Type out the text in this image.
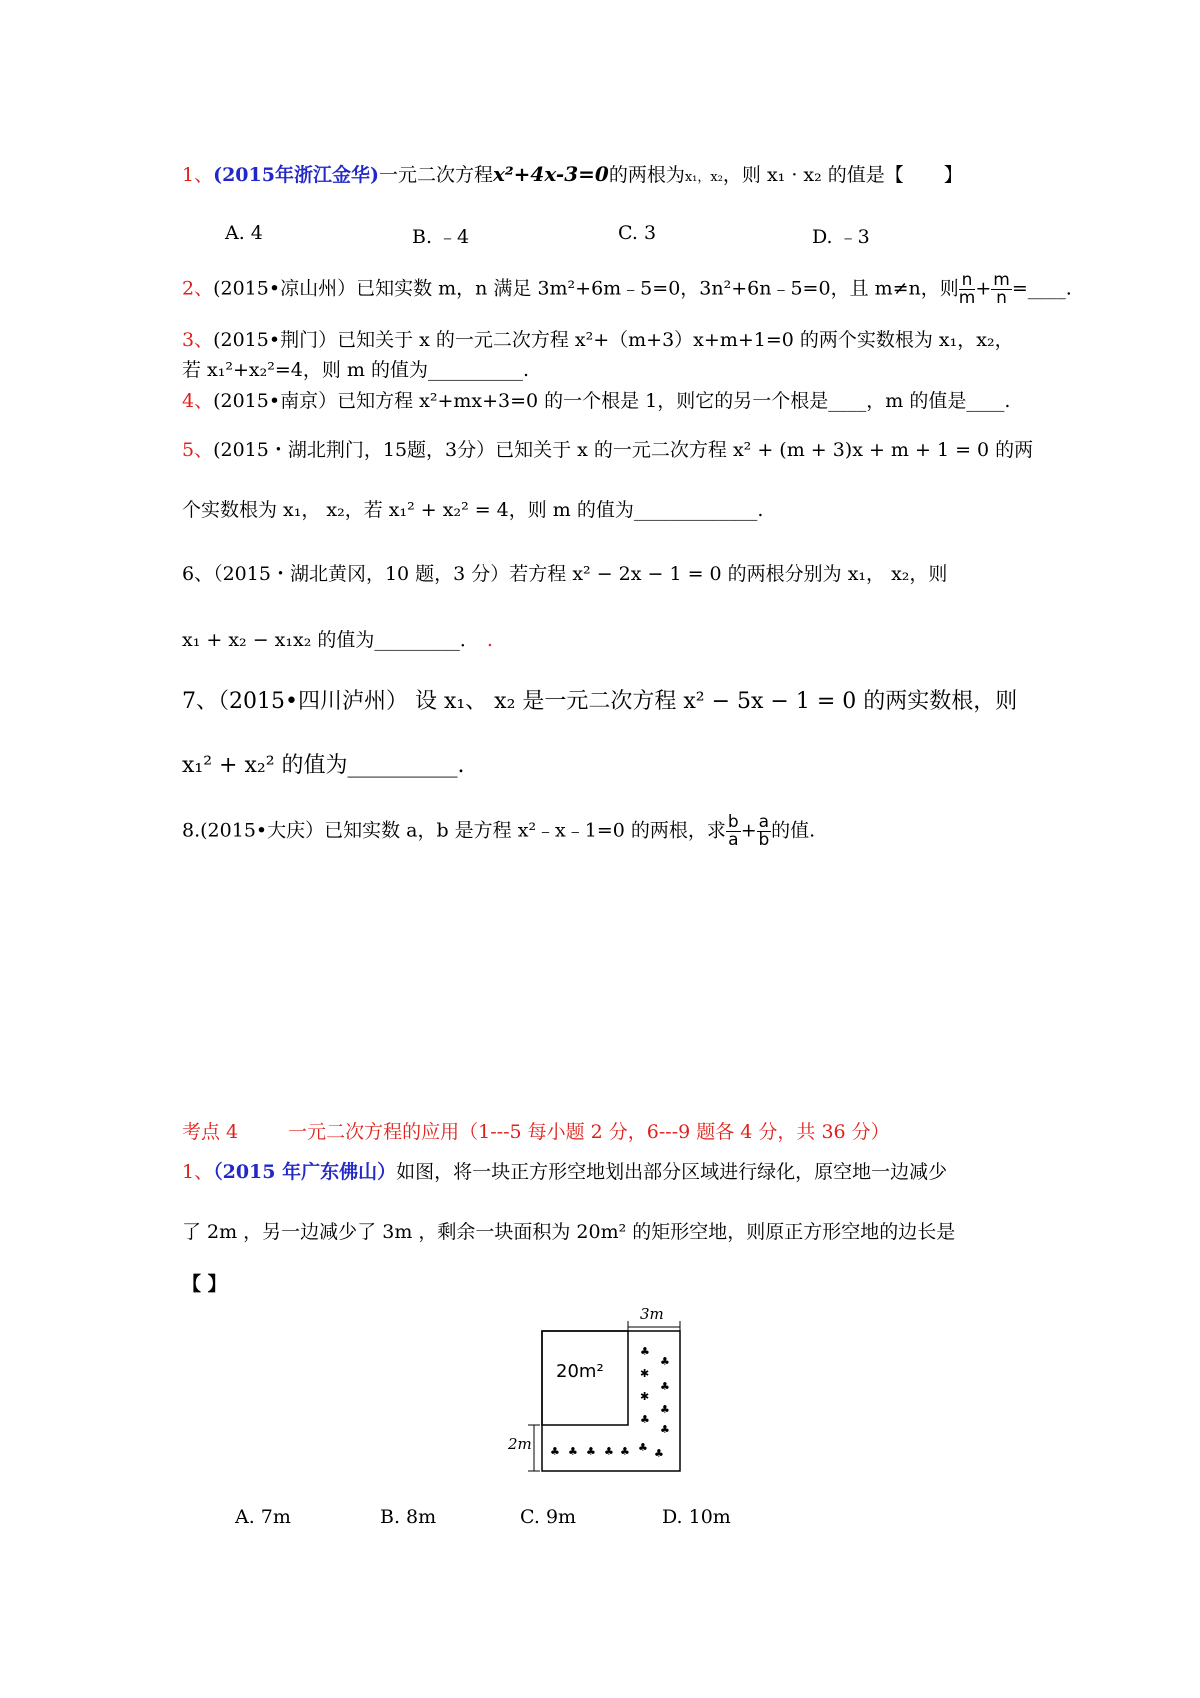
1、(2015年浙江金华)一元二次方程x²+4x-3=0的两根为x₁，x₂，则 x₁ · x₂ 的值是【 】
A. 4	B. ﹣4	C. 3	D. ﹣3
2、(2015•凉山州）已知实数 m，n 满足 3m²+6m﹣5=0，3n²+6n﹣5=0，且 m≠n，则 $\frac{n}{m} + \frac{m}{n}$ =____.
3、(2015•荆门）已知关于 x 的一元二次方程 x²+（m+3）x+m+1=0 的两个实数根为 x₁，x₂，
若 x₁²+x₂²=4，则 m 的值为__________.
4、(2015•南京）已知方程 x²+mx+3=0 的一个根是 1，则它的另一个根是____，m 的值是____.
5、(2015・湖北荆门，15题，3分）已知关于 x 的一元二次方程 x² + (m + 3)x + m + 1 = 0 的两
个实数根为 x₁， x₂，若 x₁² + x₂² = 4，则 m 的值为_____________.
6、（2015・湖北黄冈，10 题，3 分）若方程 x² − 2x − 1 = 0 的两根分别为 x₁， x₂，则
x₁ + x₂ − x₁x₂ 的值为_________． .
7、（2015•四川泸州） 设 x₁、 x₂ 是一元二次方程 x² − 5x − 1 = 0 的两实数根，则
x₁² + x₂² 的值为__________.
8.(2015•大庆）已知实数 a，b 是方程 x²﹣x﹣1=0 的两根，求 $\frac{b}{a} + \frac{a}{b}$ 的值.
考点 4	一元二次方程的应用（1---5 每小题 2 分，6---9 题各 4 分，共 36 分）
1、（2015 年广东佛山）如图，将一块正方形空地划出部分区域进行绿化，原空地一边减少
了 2m ，另一边减少了 3m ，剩余一块面积为 20m² 的矩形空地，则原正方形空地的边长是
【 】
♣
♣
✱
♣
✱
♣
♣
♣
♣ ♣ ♣ ♣ ♣ ♣ ♣
20m²
3m
2m
A. 7m	B. 8m	C. 9m	D. 10m
